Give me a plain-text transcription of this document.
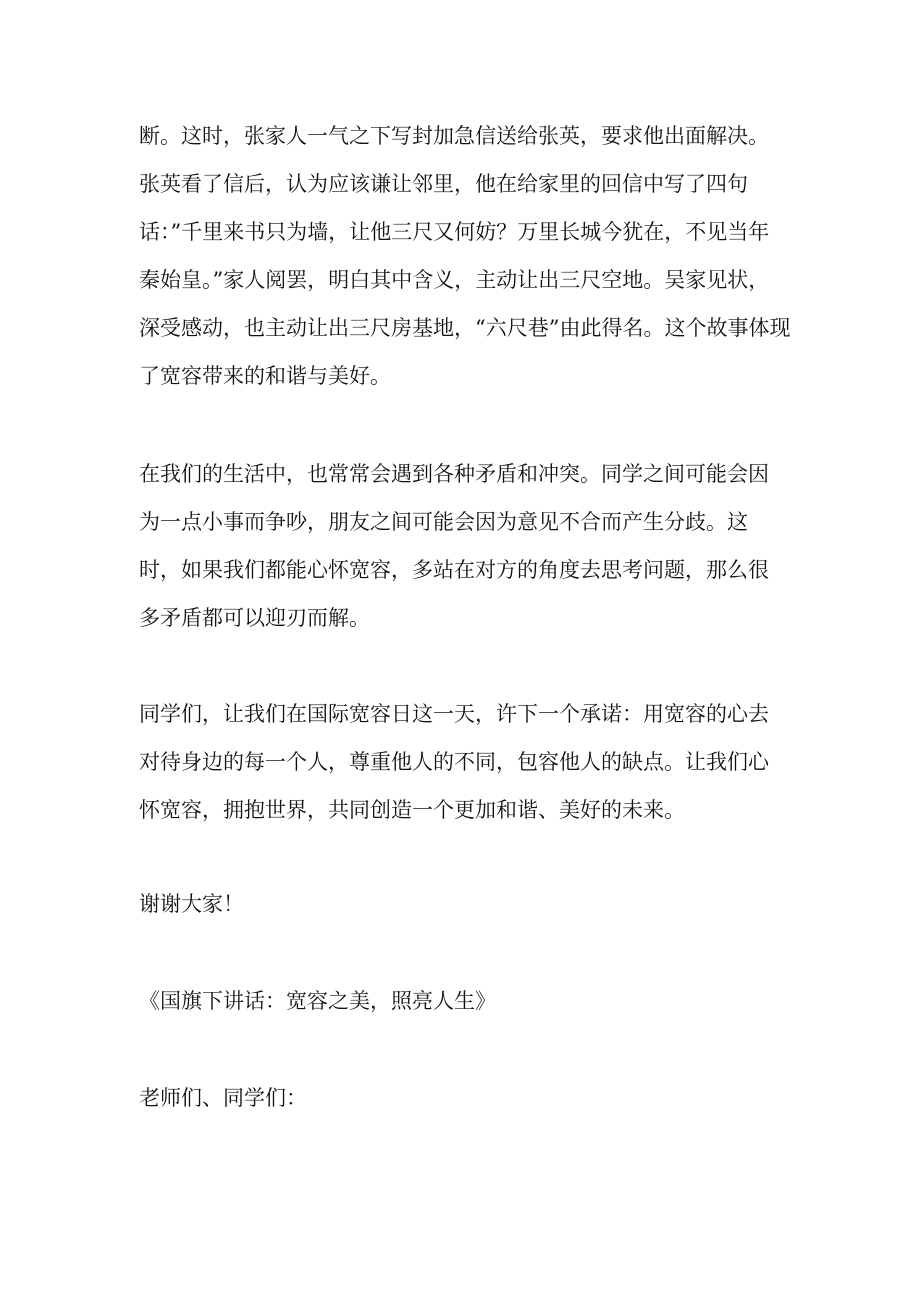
断。这时，张家人一气之下写封加急信送给张英，要求他出面解决。
张英看了信后，认为应该谦让邻里，他在给家里的回信中写了四句
话：”千里来书只为墙，让他三尺又何妨？万里长城今犹在，不见当年
秦始皇。”家人阅罢，明白其中含义，主动让出三尺空地。吴家见状，
深受感动，也主动让出三尺房基地，“六尺巷”由此得名。这个故事体现
了宽容带来的和谐与美好。
在我们的生活中，也常常会遇到各种矛盾和冲突。同学之间可能会因
为一点小事而争吵，朋友之间可能会因为意见不合而产生分歧。这
时，如果我们都能心怀宽容，多站在对方的角度去思考问题，那么很
多矛盾都可以迎刃而解。
同学们，让我们在国际宽容日这一天，许下一个承诺：用宽容的心去
对待身边的每一个人，尊重他人的不同，包容他人的缺点。让我们心
怀宽容，拥抱世界，共同创造一个更加和谐、美好的未来。
谢谢大家！
《国旗下讲话：宽容之美，照亮人生》
老师们、同学们：
